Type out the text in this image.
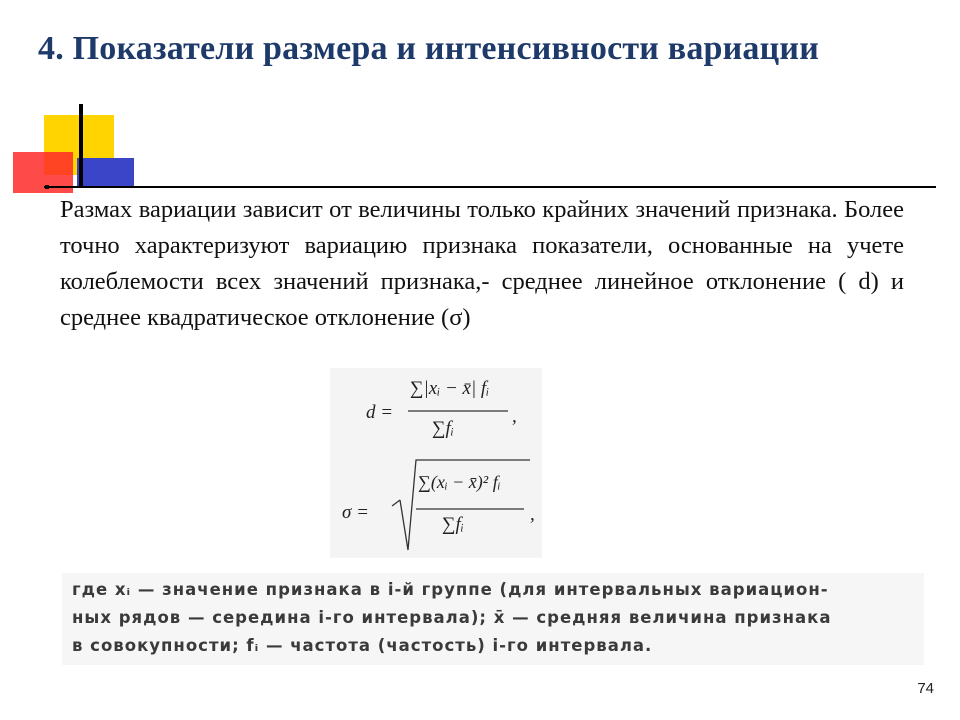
4. Показатели размера и интенсивности вариации

Размах вариации зависит от величины только крайних значений признака. Более точно характеризуют вариацию признака показатели, основанные на учете колеблемости всех значений признака,- среднее линейное отклонение ( d) и среднее квадратическое отклонение (σ)

d =
∑|xᵢ − x̄| fᵢ
∑fᵢ
,
σ =
∑(xᵢ − x̄)² fᵢ
∑fᵢ	,
где xᵢ — значение признака в i-й группе (для интервальных вариацион-
ных рядов — середина i-го интервала); x̄ — средняя величина признака
в совокупности; fᵢ — частота (частость) i-го интервала.
74
